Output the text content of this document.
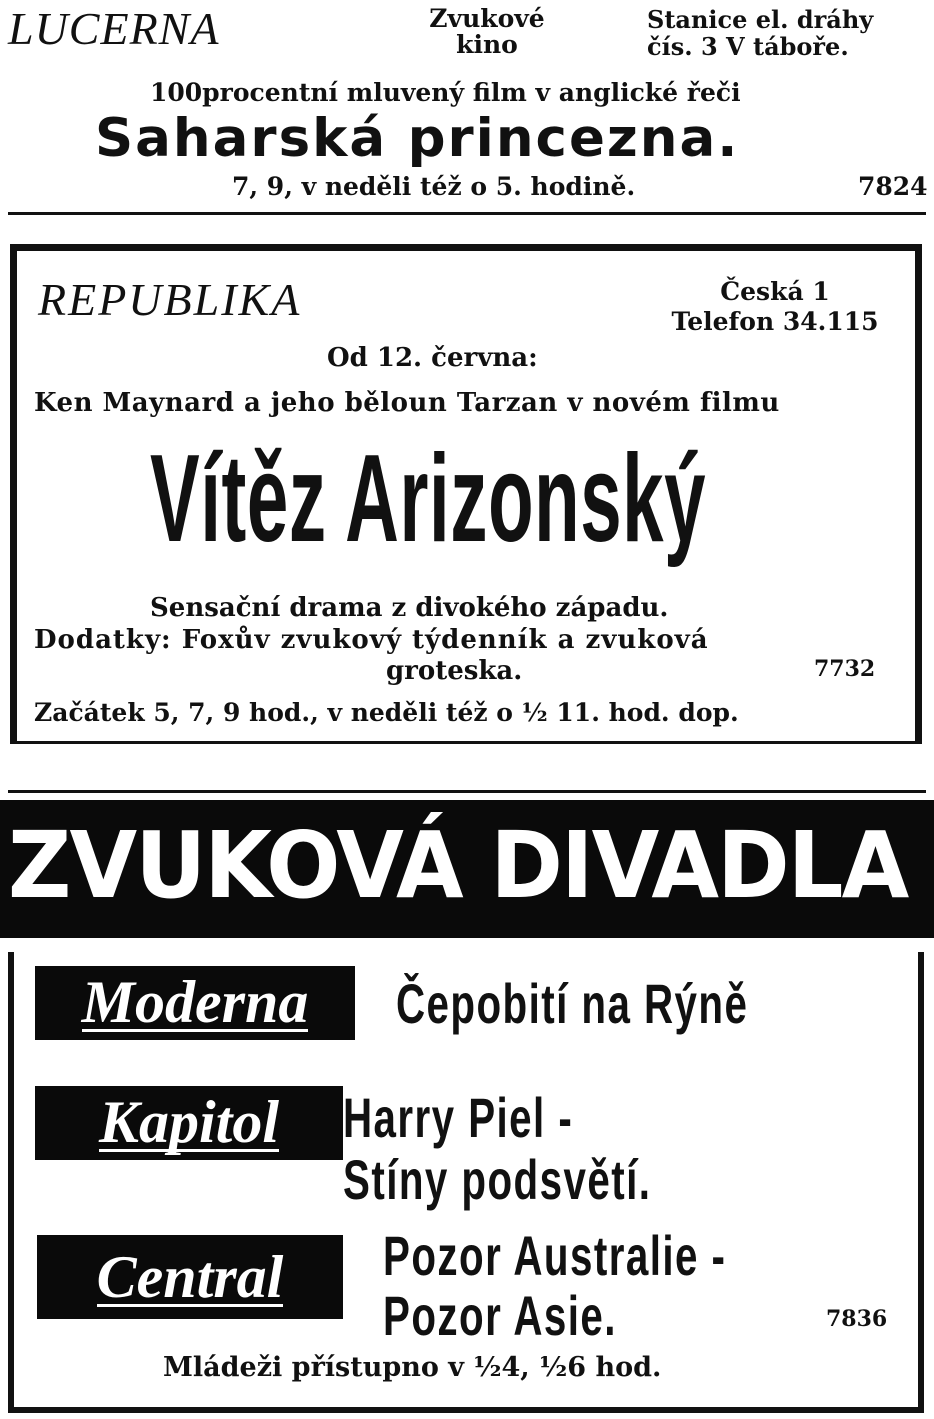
LUCERNA	Zvukové
kino
Stanice el. dráhy
čís. 3 V táboře.
100procentní mluvený film v anglické řeči
Saharská princezna.
7, 9, v neděli též o 5. hodině.	7824
REPUBLIKA	Česká 1
Telefon 34.115
Od 12. června:
Ken Maynard a jeho běloun Tarzan v novém filmu
Vítěz Arizonský
Sensační drama z divokého západu.
Dodatky: Foxův zvukový týdenník a zvuková
groteska.	7732
Začátek 5, 7, 9 hod., v neděli též o ½ 11. hod. dop.
ZVUKOVÁ DIVADLA
Moderna	Čepobití na Rýně
Kapitol	Harry Piel -
Stíny podsvětí.
Central	Pozor Australie -
Pozor Asie.	7836
Mládeži přístupno v ½4, ½6 hod.
